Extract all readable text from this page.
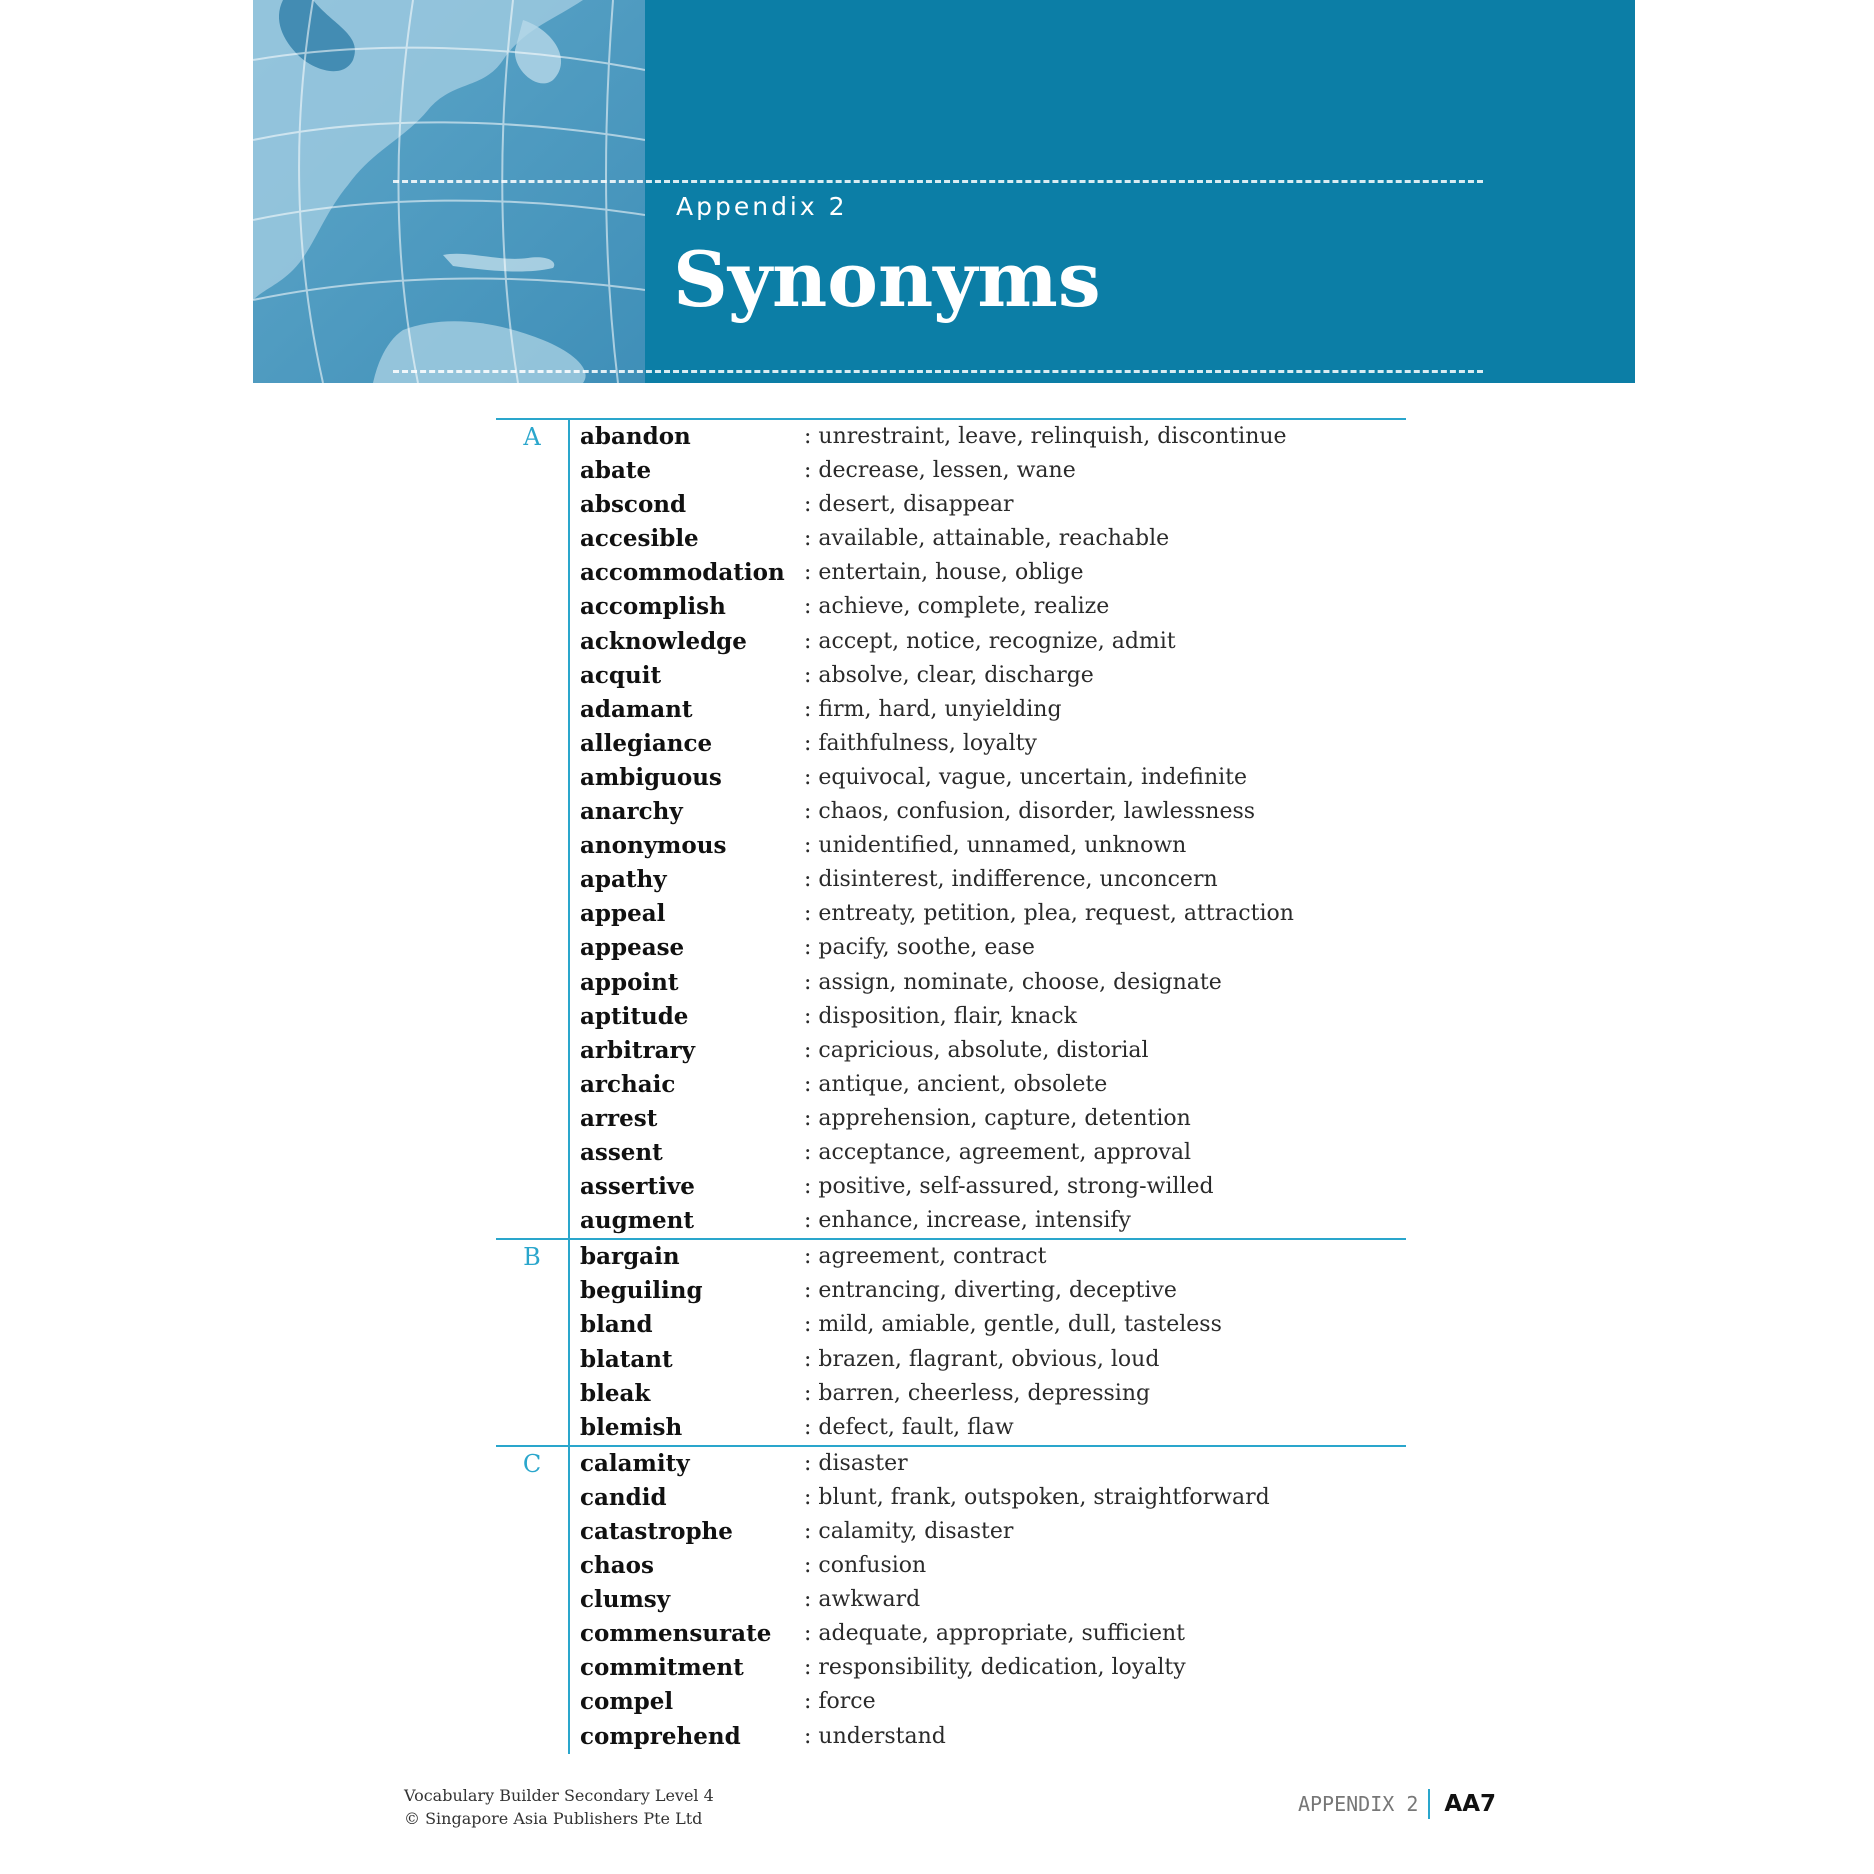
Appendix 2

Synonyms
A	abandon	: unrestraint, leave, relinquish, discontinue
abate	: decrease, lessen, wane
abscond	: desert, disappear
accesible	: available, attainable, reachable
accommodation	: entertain, house, oblige
accomplish	: achieve, complete, realize
acknowledge	: accept, notice, recognize, admit
acquit	: absolve, clear, discharge
adamant	: firm, hard, unyielding
allegiance	: faithfulness, loyalty
ambiguous	: equivocal, vague, uncertain, indefinite
anarchy	: chaos, confusion, disorder, lawlessness
anonymous	: unidentified, unnamed, unknown
apathy	: disinterest, indifference, unconcern
appeal	: entreaty, petition, plea, request, attraction
appease	: pacify, soothe, ease
appoint	: assign, nominate, choose, designate
aptitude	: disposition, flair, knack
arbitrary	: capricious, absolute, distorial
archaic	: antique, ancient, obsolete
arrest	: apprehension, capture, detention
assent	: acceptance, agreement, approval
assertive	: positive, self-assured, strong-willed
augment	: enhance, increase, intensify
B	bargain	: agreement, contract
beguiling	: entrancing, diverting, deceptive
bland	: mild, amiable, gentle, dull, tasteless
blatant	: brazen, flagrant, obvious, loud
bleak	: barren, cheerless, depressing
blemish	: defect, fault, flaw
C	calamity	: disaster
candid	: blunt, frank, outspoken, straightforward
catastrophe	: calamity, disaster
chaos	: confusion
clumsy	: awkward
commensurate	: adequate, appropriate, sufficient
commitment	: responsibility, dedication, loyalty
compel	: force
comprehend	: understand
Vocabulary Builder Secondary Level 4
© Singapore Asia Publishers Pte Ltd
APPENDIX 2	AA7
